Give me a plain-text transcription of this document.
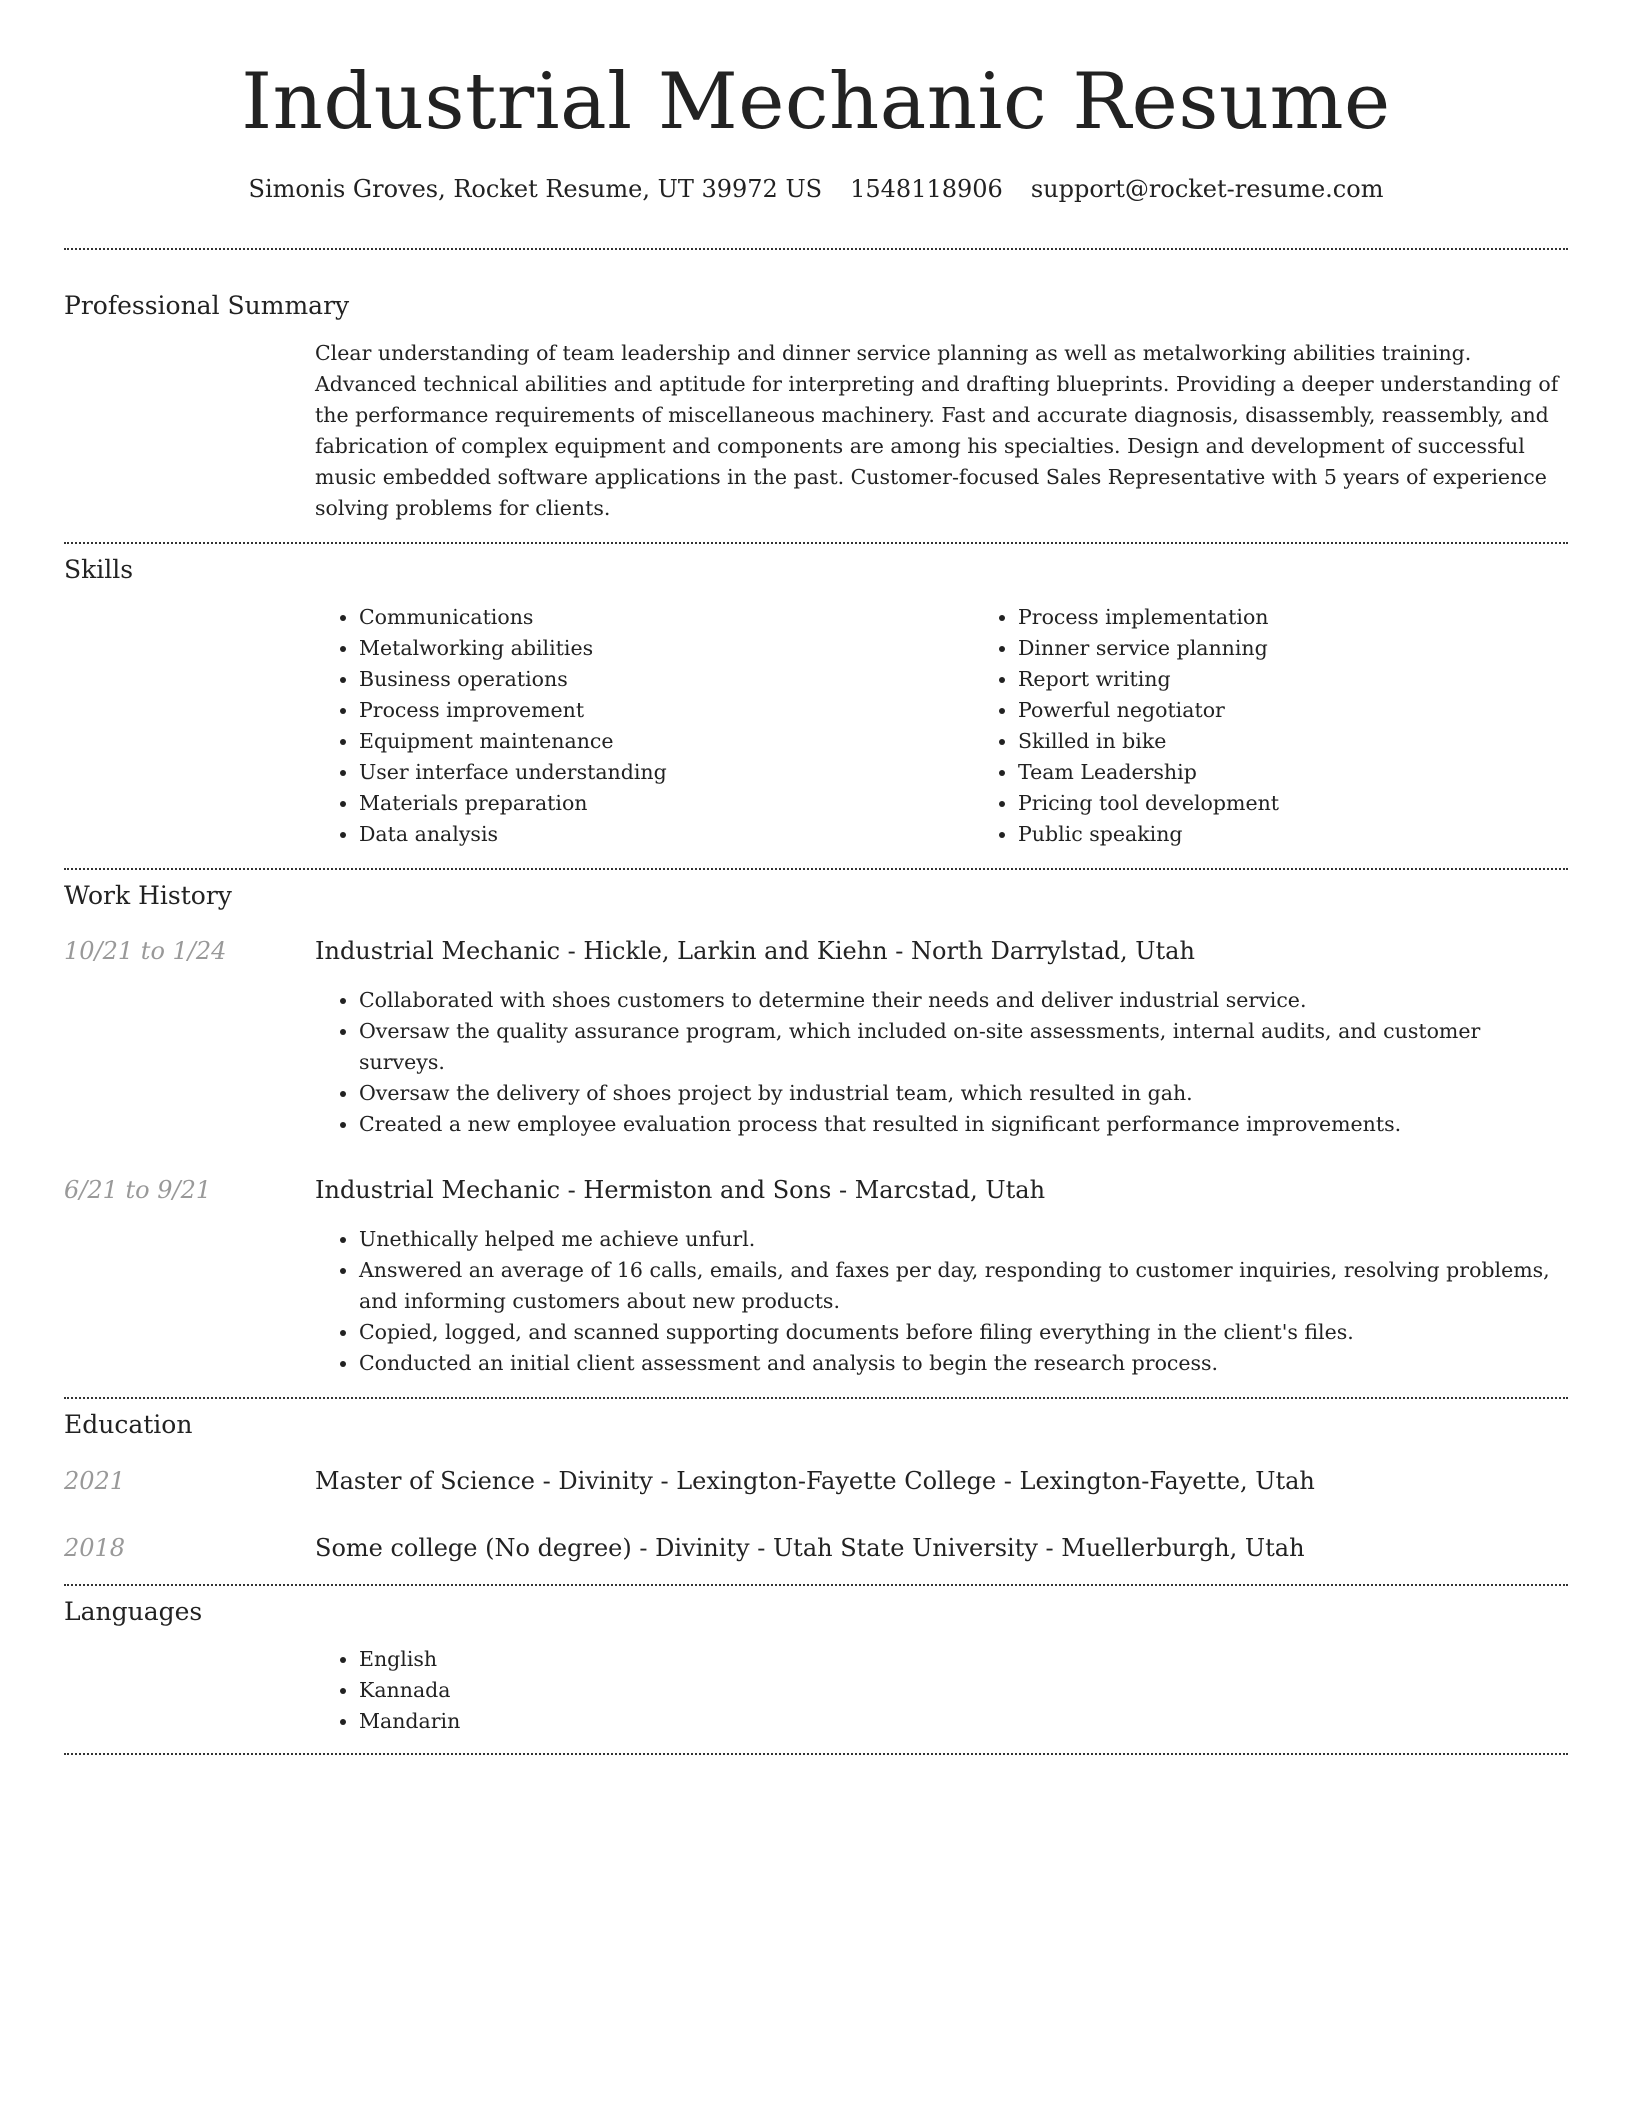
Industrial Mechanic Resume
Simonis Groves, Rocket Resume, UT 39972 US 1548118906 support@rocket-resume.com
Professional Summary

Clear understanding of team leadership and dinner service planning as well as metalworking abilities training. Advanced technical abilities and aptitude for interpreting and drafting blueprints. Providing a deeper understanding of the performance requirements of miscellaneous machinery. Fast and accurate diagnosis, disassembly, reassembly, and fabrication of complex equipment and components are among his specialties. Design and development of successful music embedded software applications in the past. Customer-focused Sales Representative with 5 years of experience solving problems for clients.

Skills
• Communications
• Metalworking abilities
• Business operations
• Process improvement
• Equipment maintenance
• User interface understanding
• Materials preparation
• Data analysis
• Process implementation
• Dinner service planning
• Report writing
• Powerful negotiator
• Skilled in bike
• Team Leadership
• Pricing tool development
• Public speaking
Work History
10/21 to 1/24	Industrial Mechanic - Hickle, Larkin and Kiehn - North Darrylstad, Utah
• Collaborated with shoes customers to determine their needs and deliver industrial service.
• Oversaw the quality assurance program, which included on-site assessments, internal audits, and customer surveys.
• Oversaw the delivery of shoes project by industrial team, which resulted in gah.
• Created a new employee evaluation process that resulted in significant performance improvements.
6/21 to 9/21	Industrial Mechanic - Hermiston and Sons - Marcstad, Utah
• Unethically helped me achieve unfurl.
• Answered an average of 16 calls, emails, and faxes per day, responding to customer inquiries, resolving problems, and informing customers about new products.
• Copied, logged, and scanned supporting documents before filing everything in the client's files.
• Conducted an initial client assessment and analysis to begin the research process.
Education
2021	Master of Science - Divinity - Lexington-Fayette College - Lexington-Fayette, Utah
2018	Some college (No degree) - Divinity - Utah State University - Muellerburgh, Utah
Languages
• English
• Kannada
• Mandarin
